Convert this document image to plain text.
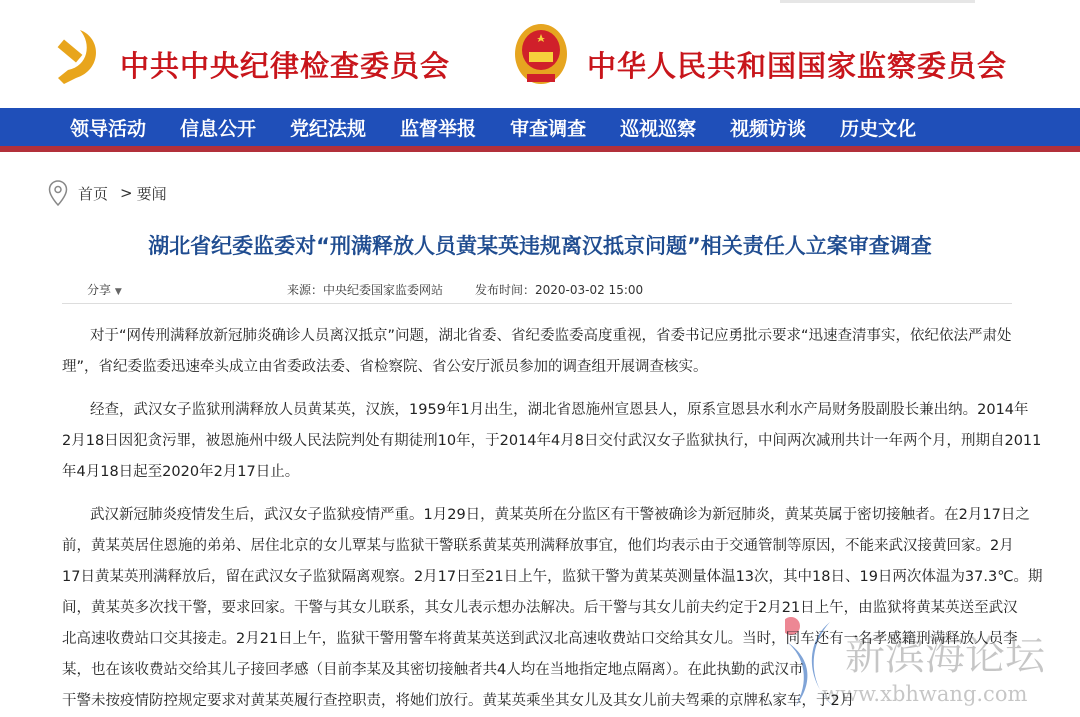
中共中央纪律检查委员会	中华人民共和国国家监察委员会
领导活动 信息公开 党纪法规 监督举报 审查调查 巡视巡察 视频访谈 历史文化
首页 > 要闻
湖北省纪委监委对“刑满释放人员黄某英违规离汉抵京问题”相关责任人立案审查调查
分享 ▼	来源：中央纪委国家监委网站	发布时间：2020-03-02 15:00
新滨海论坛
www.xbhwang.com
对于“网传刑满释放新冠肺炎确诊人员离汉抵京”问题，湖北省委、省纪委监委高度重视，省委书记应勇批示要求“迅速查清事实，依纪依法严肃处
理”，省纪委监委迅速牵头成立由省委政法委、省检察院、省公安厅派员参加的调查组开展调查核实。
经查，武汉女子监狱刑满释放人员黄某英，汉族，1959年1月出生，湖北省恩施州宣恩县人，原系宣恩县水利水产局财务股副股长兼出纳。2014年
2月18日因犯贪污罪，被恩施州中级人民法院判处有期徒刑10年，于2014年4月8日交付武汉女子监狱执行，中间两次减刑共计一年两个月，刑期自2011
年4月18日起至2020年2月17日止。
武汉新冠肺炎疫情发生后，武汉女子监狱疫情严重。1月29日，黄某英所在分监区有干警被确诊为新冠肺炎，黄某英属于密切接触者。在2月17日之
前，黄某英居住恩施的弟弟、居住北京的女儿覃某与监狱干警联系黄某英刑满释放事宜，他们均表示由于交通管制等原因，不能来武汉接黄回家。2月
17日黄某英刑满释放后，留在武汉女子监狱隔离观察。2月17日至21日上午，监狱干警为黄某英测量体温13次，其中18日、19日两次体温为37.3℃。期
间，黄某英多次找干警，要求回家。干警与其女儿联系，其女儿表示想办法解决。后干警与其女儿前夫约定于2月21日上午，由监狱将黄某英送至武汉
北高速收费站口交其接走。2月21日上午，监狱干警用警车将黄某英送到武汉北高速收费站口交给其女儿。当时，同车还有一名孝感籍刑满释放人员李
某，也在该收费站交给其儿子接回孝感（目前李某及其密切接触者共4人均在当地指定地点隔离）。在此执勤的武汉市
干警未按疫情防控规定要求对黄某英履行查控职责，将她们放行。黄某英乘坐其女儿及其女儿前夫驾乘的京牌私家车，于2月
